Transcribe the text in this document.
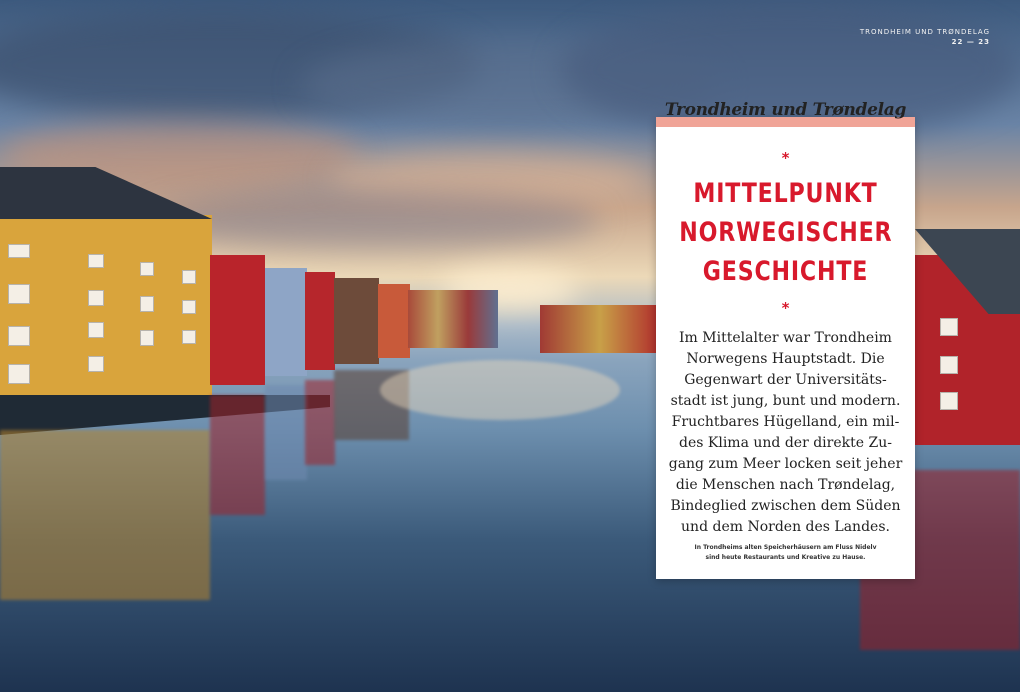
TRONDHEIM UND TRØNDELAG
22 — 23
*
MITTELPUNKT
NORWEGISCHER
GESCHICHTE
*
Im Mittelalter war Trondheim
Norwegens Hauptstadt. Die
Gegenwart der Universitäts-
stadt ist jung, bunt und modern.
Fruchtbares Hügelland, ein mil-
des Klima und der direkte Zu-
gang zum Meer locken seit jeher
die Menschen nach Trøndelag,
Bindeglied zwischen dem Süden
und dem Norden des Landes.
In Trondheims alten Speicherhäusern am Fluss Nidelv
sind heute Restaurants und Kreative zu Hause.
Trondheim und Trøndelag
